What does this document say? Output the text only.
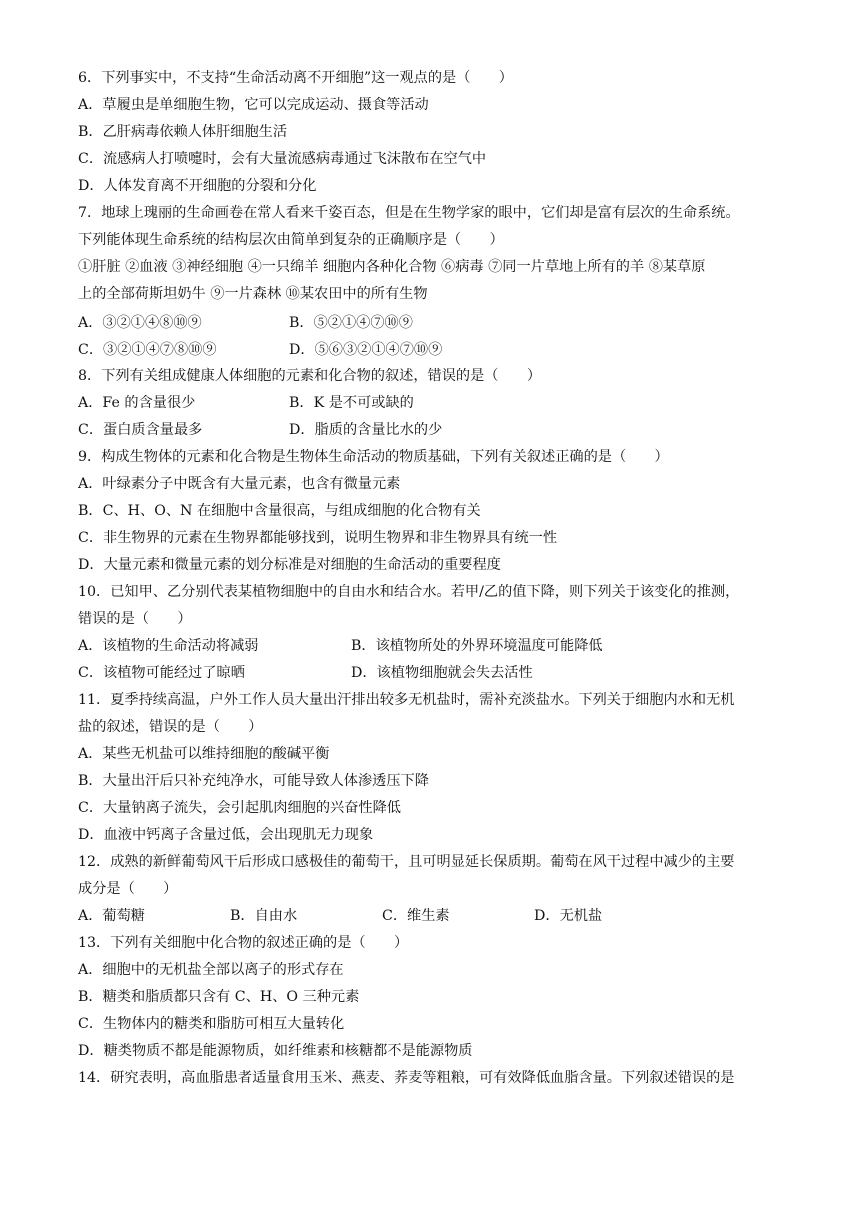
6．下列事实中，不支持“生命活动离不开细胞”这一观点的是（　　）
A．草履虫是单细胞生物，它可以完成运动、摄食等活动
B．乙肝病毒依赖人体肝细胞生活
C．流感病人打喷嚏时，会有大量流感病毒通过飞沫散布在空气中
D．人体发育离不开细胞的分裂和分化
7．地球上瑰丽的生命画卷在常人看来千姿百态，但是在生物学家的眼中，它们却是富有层次的生命系统。
下列能体现生命系统的结构层次由简单到复杂的正确顺序是（　　）
①肝脏 ②血液 ③神经细胞 ④一只绵羊 细胞内各种化合物 ⑥病毒 ⑦同一片草地上所有的羊 ⑧某草原
上的全部荷斯坦奶牛 ⑨一片森林 ⑩某农田中的所有生物
A．③②①④⑧⑩⑨	B．⑤②①④⑦⑩⑨
C．③②①④⑦⑧⑩⑨	D．⑤⑥③②①④⑦⑩⑨
8．下列有关组成健康人体细胞的元素和化合物的叙述，错误的是（　　）
A．Fe 的含量很少	B．K 是不可或缺的
C．蛋白质含量最多	D．脂质的含量比水的少
9．构成生物体的元素和化合物是生物体生命活动的物质基础，下列有关叙述正确的是（　　）
A．叶绿素分子中既含有大量元素，也含有微量元素
B．C、H、O、N 在细胞中含量很高，与组成细胞的化合物有关
C．非生物界的元素在生物界都能够找到，说明生物界和非生物界具有统一性
D．大量元素和微量元素的划分标准是对细胞的生命活动的重要程度
10．已知甲、乙分别代表某植物细胞中的自由水和结合水。若甲/乙的值下降，则下列关于该变化的推测，
错误的是（　　）
A．该植物的生命活动将减弱	B．该植物所处的外界环境温度可能降低
C．该植物可能经过了晾晒	D．该植物细胞就会失去活性
11．夏季持续高温，户外工作人员大量出汗排出较多无机盐时，需补充淡盐水。下列关于细胞内水和无机
盐的叙述，错误的是（　　）
A．某些无机盐可以维持细胞的酸碱平衡
B．大量出汗后只补充纯净水，可能导致人体渗透压下降
C．大量钠离子流失，会引起肌肉细胞的兴奋性降低
D．血液中钙离子含量过低，会出现肌无力现象
12．成熟的新鲜葡萄风干后形成口感极佳的葡萄干，且可明显延长保质期。葡萄在风干过程中减少的主要
成分是（　　）
A．葡萄糖	B．自由水	C．维生素	D．无机盐
13．下列有关细胞中化合物的叙述正确的是（　　）
A．细胞中的无机盐全部以离子的形式存在
B．糖类和脂质都只含有 C、H、O 三种元素
C．生物体内的糖类和脂肪可相互大量转化
D．糖类物质不都是能源物质，如纤维素和核糖都不是能源物质
14．研究表明，高血脂患者适量食用玉米、燕麦、荞麦等粗粮，可有效降低血脂含量。下列叙述错误的是
